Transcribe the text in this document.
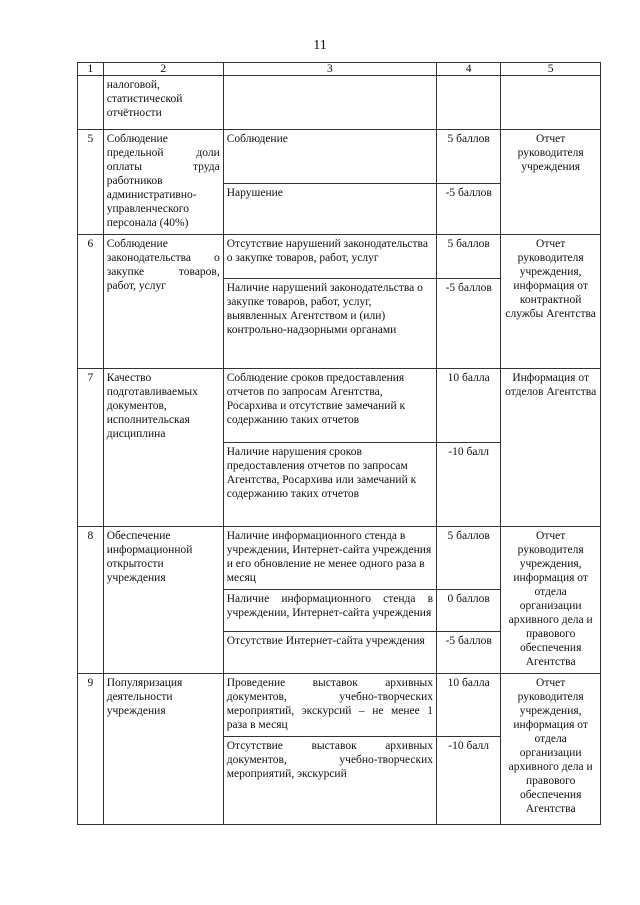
11
1	2	3	4	5
	налоговой, статистической отчётности			
5	Соблюдение предельной доли оплаты труда работников административно-управленческого персонала (40%)	Соблюдение	5 баллов	Отчет руководителя учреждения
		Нарушение	-5 баллов	
6	Соблюдение законодательства о закупке товаров, работ, услуг	Отсутствие нарушений законодательства о закупке товаров, работ, услуг	5 баллов	Отчет руководителя учреждения, информация от контрактной службы Агентства
		Наличие нарушений законодательства о закупке товаров, работ, услуг, выявленных Агентством и (или) контрольно-надзорными органами	-5 баллов	
7	Качество подготавливаемых документов, исполнительская дисциплина	Соблюдение сроков предоставления отчетов по запросам Агентства, Росархива и отсутствие замечаний к содержанию таких отчетов	10 балла	Информация от отделов Агентства
		Наличие нарушения сроков предоставления отчетов по запросам Агентства, Росархива или замечаний к содержанию таких отчетов	-10 балл	
8	Обеспечение информационной открытости учреждения	Наличие информационного стенда в учреждении, Интернет-сайта учреждения и его обновление не менее одного раза в месяц	5 баллов	Отчет руководителя учреждения, информация от отдела организации архивного дела и правового обеспечения Агентства
		Наличие информационного стенда в учреждении, Интернет-сайта учреждения	0 баллов	
		Отсутствие Интернет-сайта учреждения	-5 баллов	
9	Популяризация деятельности учреждения	Проведение выставок архивных документов, учебно-творческих мероприятий, экскурсий – не менее 1 раза в месяц	10 балла	Отчет руководителя учреждения, информация от отдела организации архивного дела и правового обеспечения Агентства
		Отсутствие выставок архивных документов, учебно-творческих мероприятий, экскурсий	-10 балл	
